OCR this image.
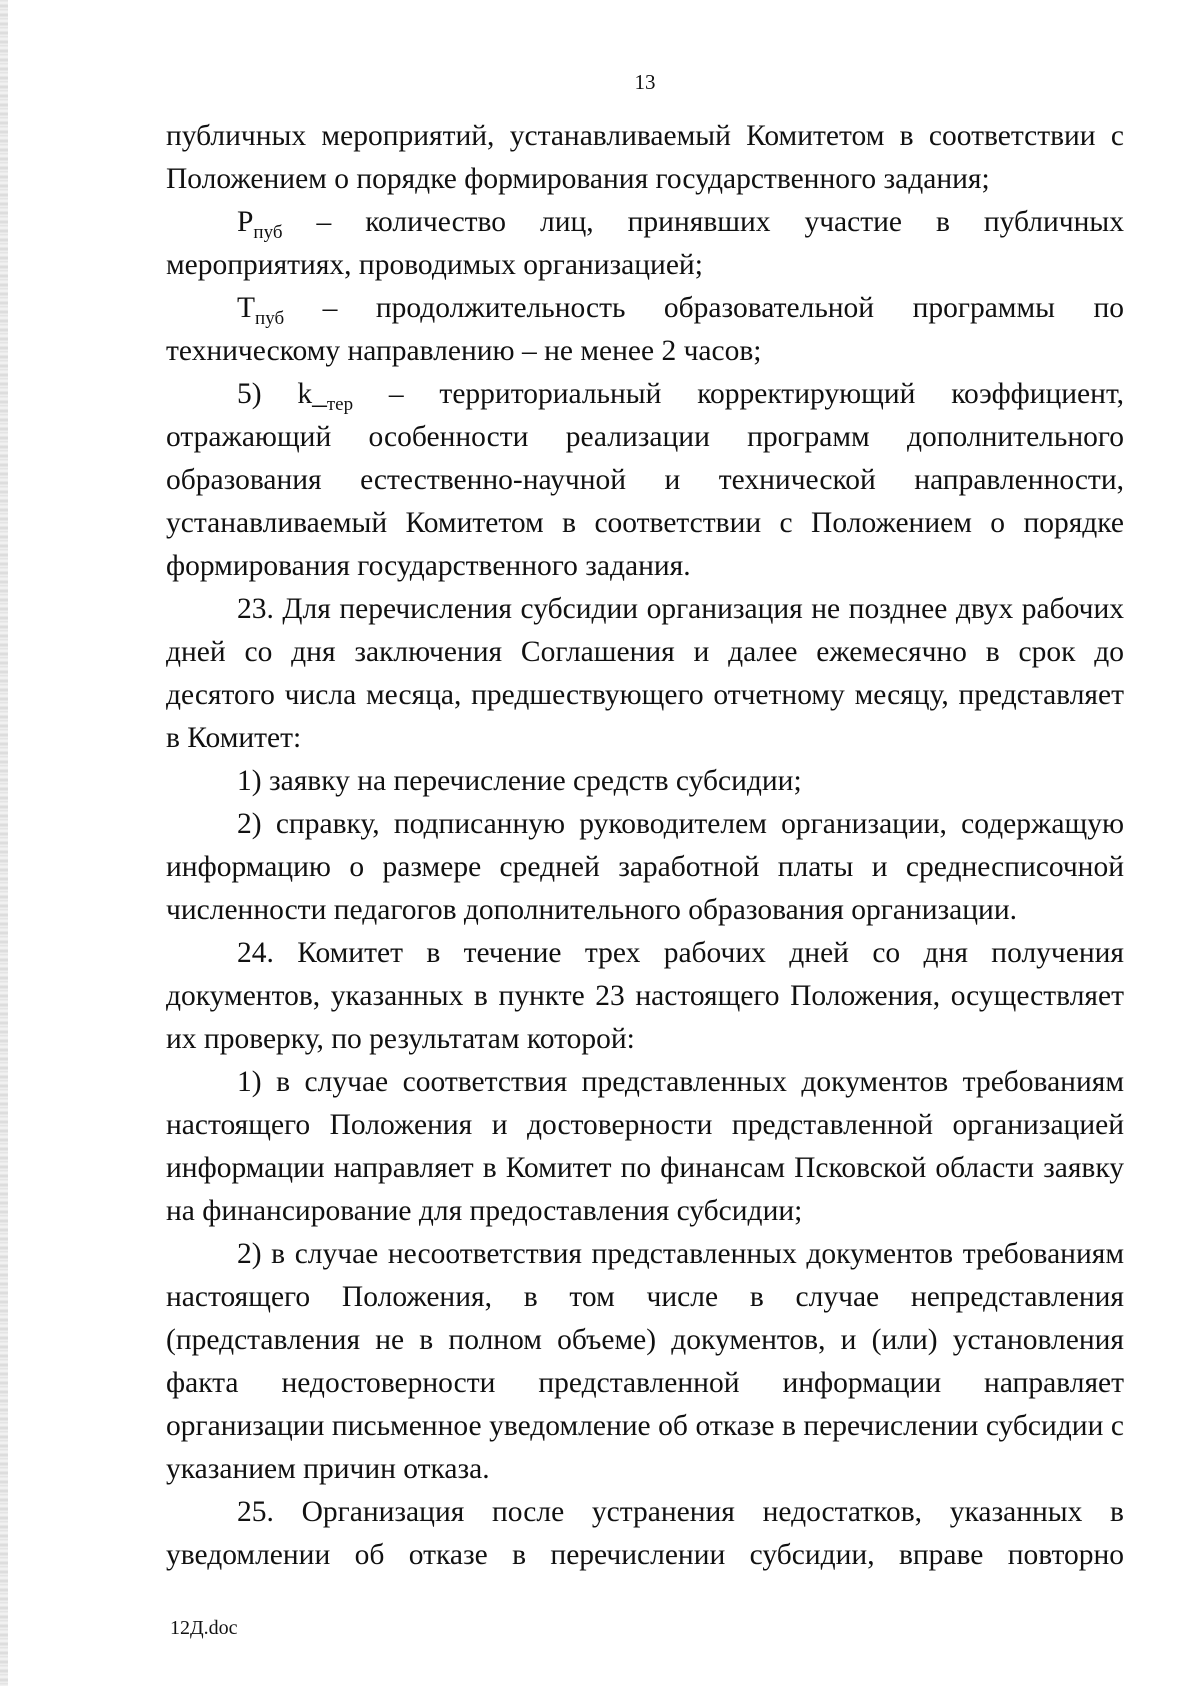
13

публичных мероприятий, устанавливаемый Комитетом в соответствии с Положением о порядке формирования государственного задания;

$Р_{пуб}$ – количество лиц, принявших участие в публичных мероприятиях, проводимых организацией;

$Т_{пуб}$ – продолжительность образовательной программы по техническому направлению – не менее 2 часов;

5) $k\__{тер}$ – территориальный корректирующий коэффициент, отражающий особенности реализации программ дополнительного образования естественно-научной и технической направленности, устанавливаемый Комитетом в соответствии с Положением о порядке формирования государственного задания.

23. Для перечисления субсидии организация не позднее двух рабочих дней со дня заключения Соглашения и далее ежемесячно в срок до десятого числа месяца, предшествующего отчетному месяцу, представляет в Комитет:

1) заявку на перечисление средств субсидии;

2) справку, подписанную руководителем организации, содержащую информацию о размере средней заработной платы и среднесписочной численности педагогов дополнительного образования организации.

24. Комитет в течение трех рабочих дней со дня получения документов, указанных в пункте 23 настоящего Положения, осуществляет их проверку, по результатам которой:

1) в случае соответствия представленных документов требованиям настоящего Положения и достоверности представленной организацией информации направляет в Комитет по финансам Псковской области заявку на финансирование для предоставления субсидии;

2) в случае несоответствия представленных документов требованиям настоящего Положения, в том числе в случае непредставления (представления не в полном объеме) документов, и (или) установления факта недостоверности представленной информации направляет организации письменное уведомление об отказе в перечислении субсидии с указанием причин отказа.

25. Организация после устранения недостатков, указанных в уведомлении об отказе в перечислении субсидии, вправе повторно

12Д.doc
